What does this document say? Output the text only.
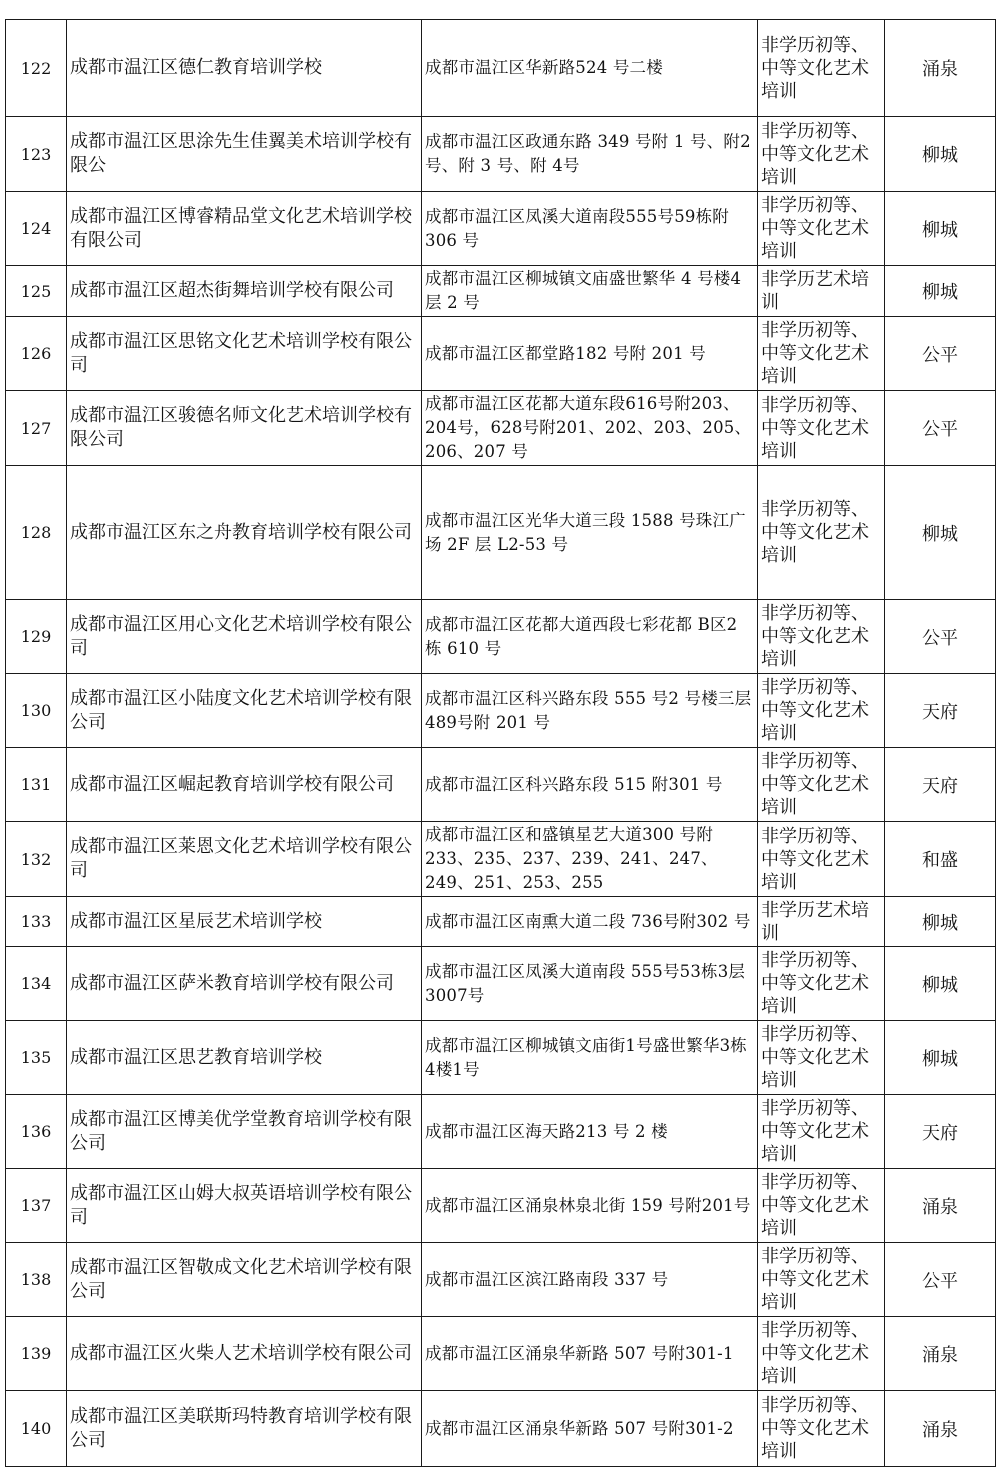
122	成都市温江区德仁教育培训学校	成都市温江区华新路524 号二楼	非学历初等、中等文化艺术培训	涌泉
123	成都市温江区思涂先生佳翼美术培训学校有限公	成都市温江区政通东路 349 号附 1 号、附2 号、附 3 号、附 4号	非学历初等、中等文化艺术培训	柳城
124	成都市温江区博睿精品堂文化艺术培训学校有限公司	成都市温江区凤溪大道南段555号59栋附306 号	非学历初等、中等文化艺术培训	柳城
125	成都市温江区超杰街舞培训学校有限公司	成都市温江区柳城镇文庙盛世繁华 4 号楼4 层 2 号	非学历艺术培训	柳城
126	成都市温江区思铭文化艺术培训学校有限公司	成都市温江区都堂路182 号附 201 号	非学历初等、中等文化艺术培训	公平
127	成都市温江区骏德名师文化艺术培训学校有限公司	成都市温江区花都大道东段616号附203、204号，628号附201、202、203、205、206、207 号	非学历初等、中等文化艺术培训	公平
128	成都市温江区东之舟教育培训学校有限公司	成都市温江区光华大道三段 1588 号珠江广场 2F 层 L2-53 号	非学历初等、中等文化艺术培训	柳城
129	成都市温江区用心文化艺术培训学校有限公司	成都市温江区花都大道西段七彩花都 B区2 栋 610 号	非学历初等、中等文化艺术培训	公平
130	成都市温江区小陆度文化艺术培训学校有限公司	成都市温江区科兴路东段 555 号2 号楼三层 489号附 201 号	非学历初等、中等文化艺术培训	天府
131	成都市温江区崛起教育培训学校有限公司	成都市温江区科兴路东段 515 附301 号	非学历初等、中等文化艺术培训	天府
132	成都市温江区莱恩文化艺术培训学校有限公司	成都市温江区和盛镇星艺大道300 号附 233、235、237、239、241、247、249、251、253、255	非学历初等、中等文化艺术培训	和盛
133	成都市温江区星辰艺术培训学校	成都市温江区南熏大道二段 736号附302 号	非学历艺术培训	柳城
134	成都市温江区萨米教育培训学校有限公司	成都市温江区凤溪大道南段 555号53栋3层3007号	非学历初等、中等文化艺术培训	柳城
135	成都市温江区思艺教育培训学校	成都市温江区柳城镇文庙街1号盛世繁华3栋4楼1号	非学历初等、中等文化艺术培训	柳城
136	成都市温江区博美优学堂教育培训学校有限公司	成都市温江区海天路213 号 2 楼	非学历初等、中等文化艺术培训	天府
137	成都市温江区山姆大叔英语培训学校有限公司	成都市温江区涌泉林泉北街 159 号附201号	非学历初等、中等文化艺术培训	涌泉
138	成都市温江区智敬成文化艺术培训学校有限公司	成都市温江区滨江路南段 337 号	非学历初等、中等文化艺术培训	公平
139	成都市温江区火柴人艺术培训学校有限公司	成都市温江区涌泉华新路 507 号附301-1	非学历初等、中等文化艺术培训	涌泉
140	成都市温江区美联斯玛特教育培训学校有限公司	成都市温江区涌泉华新路 507 号附301-2	非学历初等、中等文化艺术培训	涌泉
